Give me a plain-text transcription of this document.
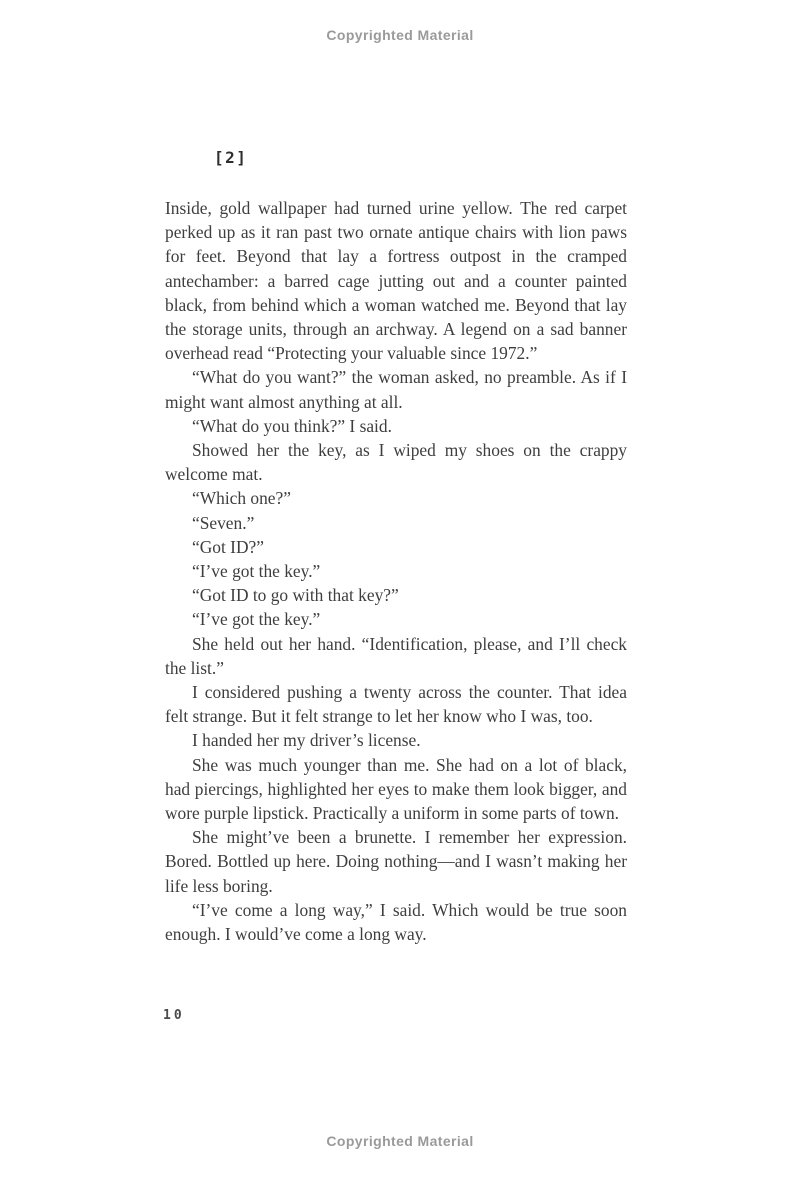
Copyrighted Material
[2]

Inside, gold wallpaper had turned urine yellow. The red carpet perked up as it ran past two ornate antique chairs with lion paws for feet. Beyond that lay a fortress outpost in the cramped antechamber: a barred cage jutting out and a counter painted black, from behind which a woman watched me. Beyond that lay the storage units, through an archway. A legend on a sad banner overhead read “Protecting your valuable since 1972.”

“What do you want?” the woman asked, no preamble. As if I might want almost anything at all.

“What do you think?” I said.

Showed her the key, as I wiped my shoes on the crappy welcome mat.

“Which one?”

“Seven.”

“Got ID?”

“I’ve got the key.”

“Got ID to go with that key?”

“I’ve got the key.”

She held out her hand. “Identification, please, and I’ll check the list.”

I considered pushing a twenty across the counter. That idea felt strange. But it felt strange to let her know who I was, too.

I handed her my driver’s license.

She was much younger than me. She had on a lot of black, had piercings, highlighted her eyes to make them look bigger, and wore purple lipstick. Practically a uniform in some parts of town.

She might’ve been a brunette. I remember her expression. Bored. Bottled up here. Doing nothing—and I wasn’t making her life less boring.

“I’ve come a long way,” I said. Which would be true soon enough. I would’ve come a long way.

10
Copyrighted Material
